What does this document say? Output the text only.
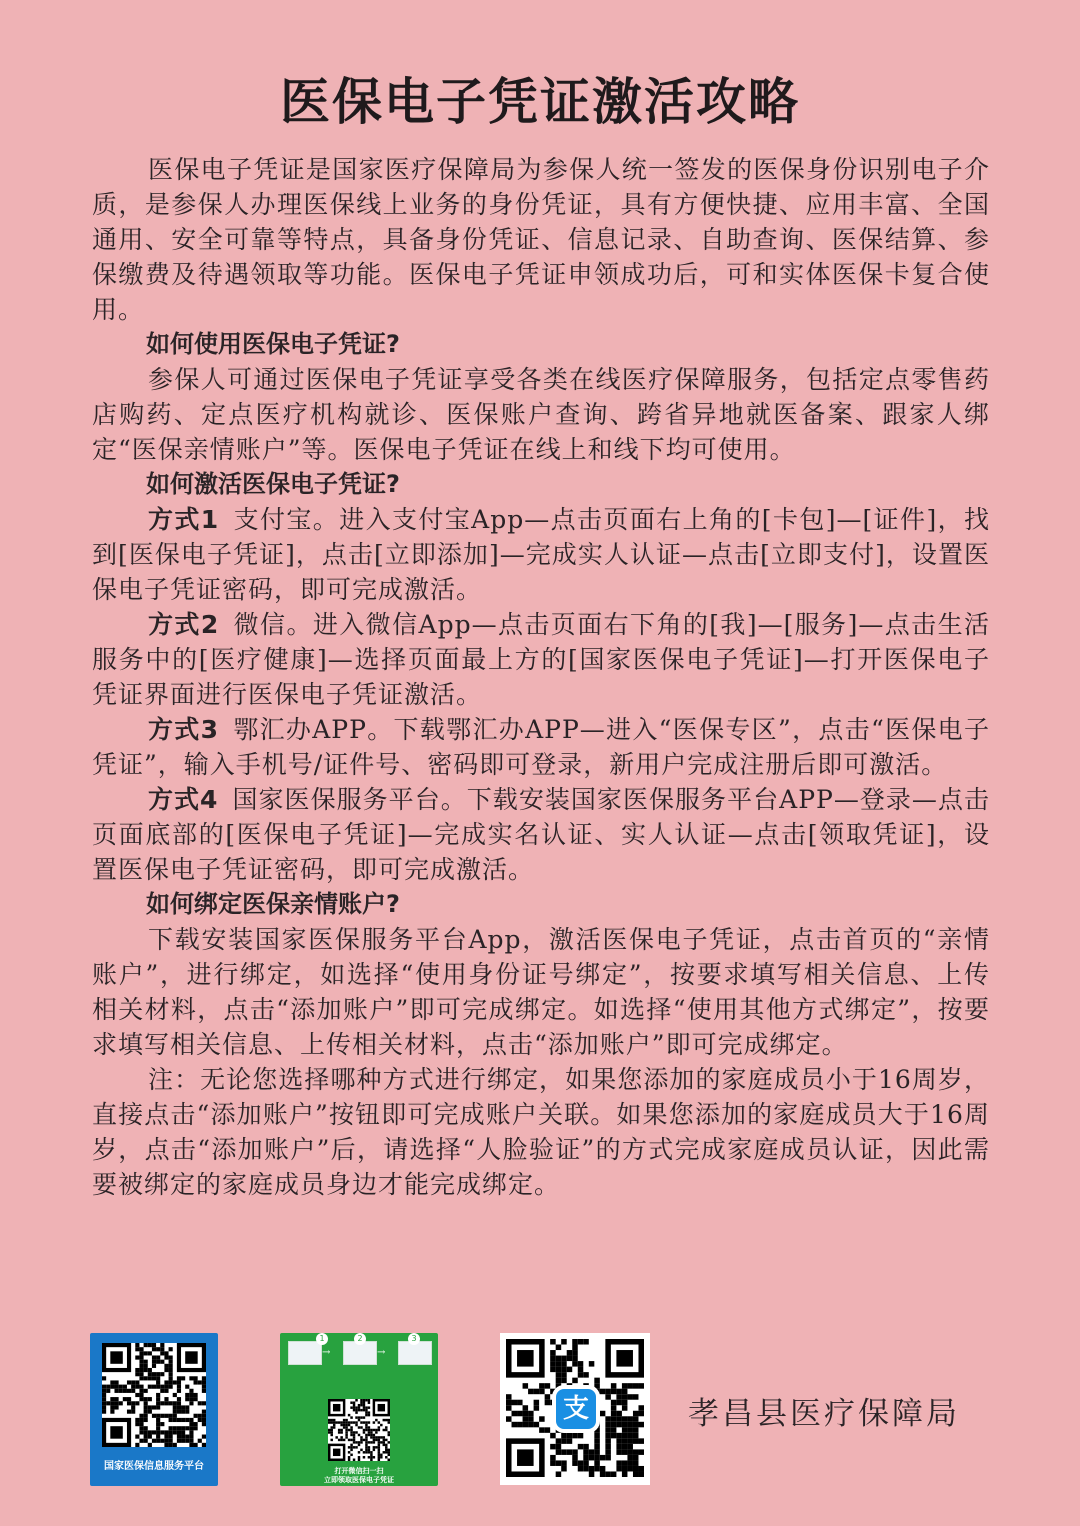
医保电子凭证激活攻略

医保电子凭证是国家医疗保障局为参保人统一签发的医保身份识别电子介质，是参保人办理医保线上业务的身份凭证，具有方便快捷、应用丰富、全国通用、安全可靠等特点，具备身份凭证、信息记录、自助查询、医保结算、参保缴费及待遇领取等功能。医保电子凭证申领成功后，可和实体医保卡复合使用。

如何使用医保电子凭证?

参保人可通过医保电子凭证享受各类在线医疗保障服务，包括定点零售药店购药、定点医疗机构就诊、医保账户查询、跨省异地就医备案、跟家人绑定“医保亲情账户”等。医保电子凭证在线上和线下均可使用。

如何激活医保电子凭证?

方式1 支付宝。进入支付宝App—点击页面右上角的[卡包]—[证件]，找到[医保电子凭证]，点击[立即添加]—完成实人认证—点击[立即支付]，设置医保电子凭证密码，即可完成激活。

方式2 微信。进入微信App—点击页面右下角的[我]—[服务]—点击生活服务中的[医疗健康]—选择页面最上方的[国家医保电子凭证]—打开医保电子凭证界面进行医保电子凭证激活。

方式3 鄂汇办APP。下载鄂汇办APP—进入“医保专区”，点击“医保电子凭证”，输入手机号/证件号、密码即可登录，新用户完成注册后即可激活。

方式4 国家医保服务平台。下载安装国家医保服务平台APP—登录—点击页面底部的[医保电子凭证]—完成实名认证、实人认证—点击[领取凭证]，设置医保电子凭证密码，即可完成激活。

如何绑定医保亲情账户?

下载安装国家医保服务平台App，激活医保电子凭证，点击首页的“亲情账户”，进行绑定，如选择“使用身份证号绑定”，按要求填写相关信息、上传相关材料，点击“添加账户”即可完成绑定。如选择“使用其他方式绑定”，按要求填写相关信息、上传相关材料，点击“添加账户”即可完成绑定。

注：无论您选择哪种方式进行绑定，如果您添加的家庭成员小于16周岁，直接点击“添加账户”按钮即可完成账户关联。如果您添加的家庭成员大于16周岁，点击“添加账户”后，请选择“人脸验证”的方式完成家庭成员认证，因此需要被绑定的家庭成员身边才能完成绑定。

国家医保信息服务平台
1
→
2
→
3
打开微信扫一扫
立即领取医保电子凭证
支	孝昌县医疗保障局
